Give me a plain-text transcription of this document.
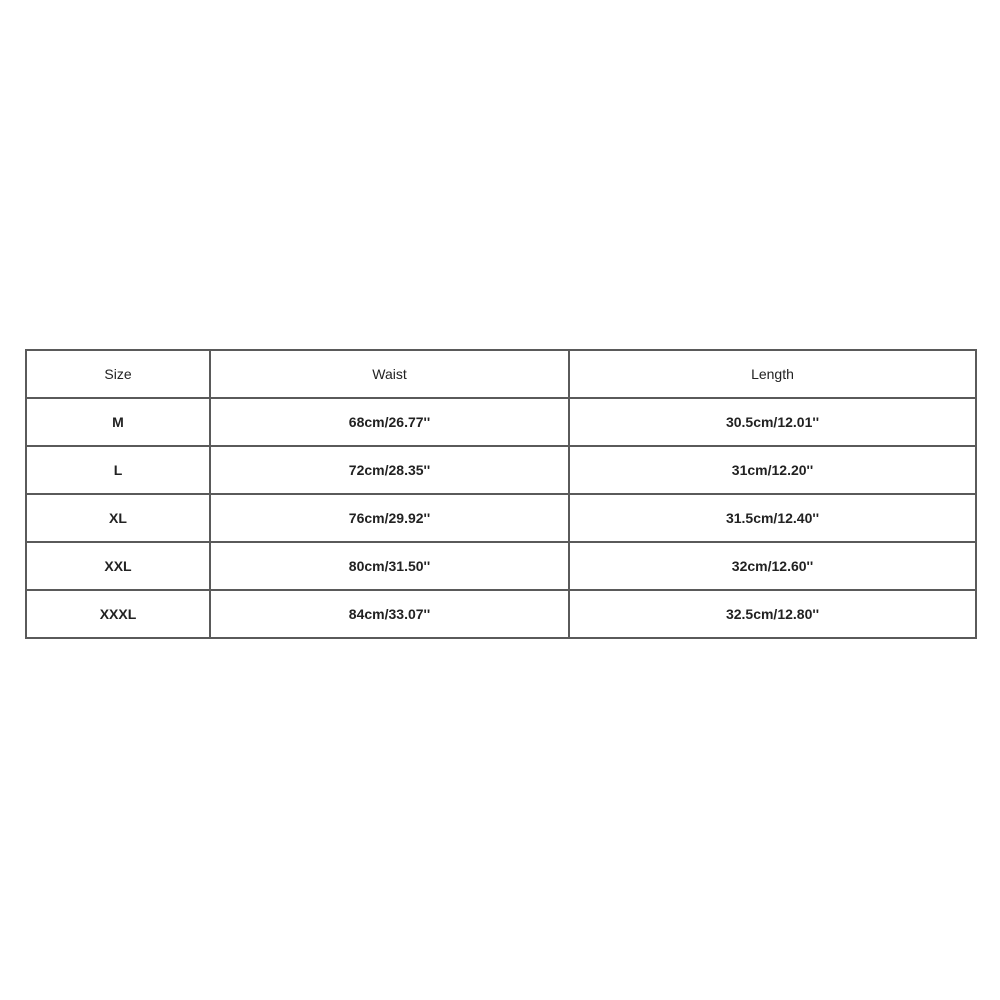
Size	Waist	Length
M	68cm/26.77''	30.5cm/12.01''
L	72cm/28.35''	31cm/12.20''
XL	76cm/29.92''	31.5cm/12.40''
XXL	80cm/31.50''	32cm/12.60''
XXXL	84cm/33.07''	32.5cm/12.80''
